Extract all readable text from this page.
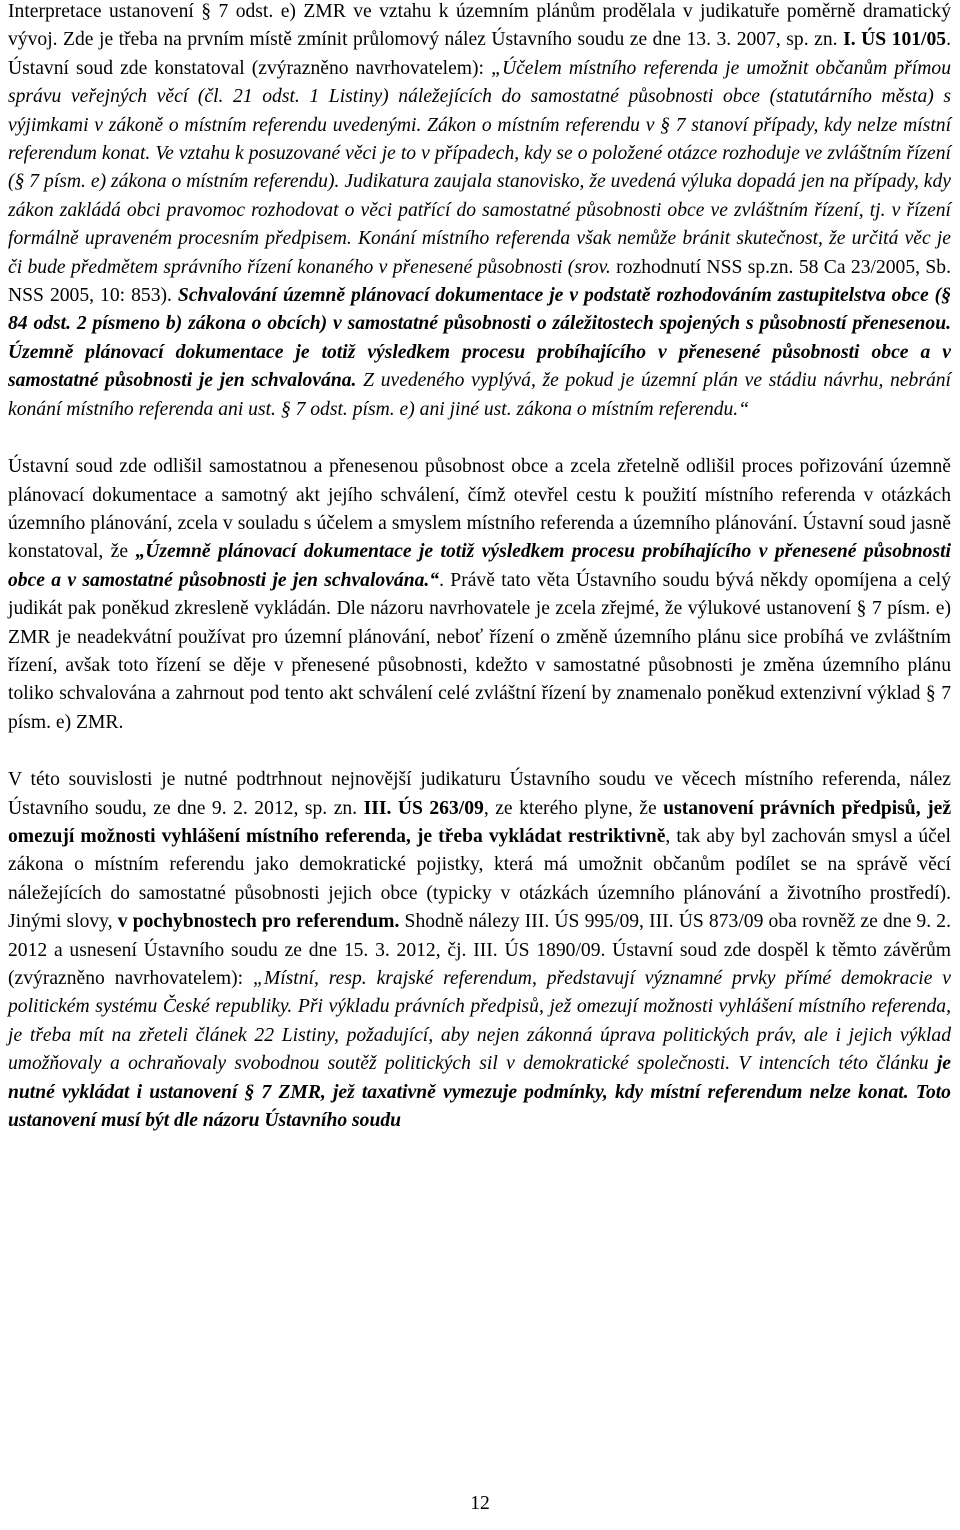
Interpretace ustanovení § 7 odst. e) ZMR ve vztahu k územním plánům prodělala v judikatuře poměrně dramatický vývoj. Zde je třeba na prvním místě zmínit průlomový nález Ústavního soudu ze dne 13. 3. 2007, sp. zn. I. ÚS 101/05. Ústavní soud zde konstatoval (zvýrazněno navrhovatelem): „Účelem místního referenda je umožnit občanům přímou správu veřejných věcí (čl. 21 odst. 1 Listiny) náležejících do samostatné působnosti obce (statutárního města) s výjimkami v zákoně o místním referendu uvedenými. Zákon o místním referendu v § 7 stanoví případy, kdy nelze místní referendum konat. Ve vztahu k posuzované věci je to v případech, kdy se o položené otázce rozhoduje ve zvláštním řízení (§ 7 písm. e) zákona o místním referendu). Judikatura zaujala stanovisko, že uvedená výluka dopadá jen na případy, kdy zákon zakládá obci pravomoc rozhodovat o věci patřící do samostatné působnosti obce ve zvláštním řízení, tj. v řízení formálně upraveném procesním předpisem. Konání místního referenda však nemůže bránit skutečnost, že určitá věc je či bude předmětem správního řízení konaného v přenesené působnosti (srov. rozhodnutí NSS sp.zn. 58 Ca 23/2005, Sb. NSS 2005, 10: 853). Schvalování územně plánovací dokumentace je v podstatě rozhodováním zastupitelstva obce (§ 84 odst. 2 písmeno b) zákona o obcích) v samostatné působnosti o záležitostech spojených s působností přenesenou. Územně plánovací dokumentace je totiž výsledkem procesu probíhajícího v přenesené působnosti obce a v samostatné působnosti je jen schvalována. Z uvedeného vyplývá, že pokud je územní plán ve stádiu návrhu, nebrání konání místního referenda ani ust. § 7 odst. písm. e) ani jiné ust. zákona o místním referendu.“

Ústavní soud zde odlišil samostatnou a přenesenou působnost obce a zcela zřetelně odlišil proces pořizování územně plánovací dokumentace a samotný akt jejího schválení, čímž otevřel cestu k použití místního referenda v otázkách územního plánování, zcela v souladu s účelem a smyslem místního referenda a územního plánování. Ústavní soud jasně konstatoval, že „Územně plánovací dokumentace je totiž výsledkem procesu probíhajícího v přenesené působnosti obce a v samostatné působnosti je jen schvalována.“. Právě tato věta Ústavního soudu bývá někdy opomíjena a celý judikát pak poněkud zkresleně vykládán. Dle názoru navrhovatele je zcela zřejmé, že výlukové ustanovení § 7 písm. e) ZMR je neadekvátní používat pro územní plánování, neboť řízení o změně územního plánu sice probíhá ve zvláštním řízení, avšak toto řízení se děje v přenesené působnosti, kdežto v samostatné působnosti je změna územního plánu toliko schvalována a zahrnout pod tento akt schválení celé zvláštní řízení by znamenalo poněkud extenzivní výklad § 7 písm. e) ZMR.

V této souvislosti je nutné podtrhnout nejnovější judikaturu Ústavního soudu ve věcech místního referenda, nález Ústavního soudu, ze dne 9. 2. 2012, sp. zn. III. ÚS 263/09, ze kterého plyne, že ustanovení právních předpisů, jež omezují možnosti vyhlášení místního referenda, je třeba vykládat restriktivně, tak aby byl zachován smysl a účel zákona o místním referendu jako demokratické pojistky, která má umožnit občanům podílet se na správě věcí náležejících do samostatné působnosti jejich obce (typicky v otázkách územního plánování a životního prostředí). Jinými slovy, v pochybnostech pro referendum. Shodně nálezy III. ÚS 995/09, III. ÚS 873/09 oba rovněž ze dne 9. 2. 2012 a usnesení Ústavního soudu ze dne 15. 3. 2012, čj. III. ÚS 1890/09. Ústavní soud zde dospěl k těmto závěrům (zvýrazněno navrhovatelem): „Místní, resp. krajské referendum, představují významné prvky přímé demokracie v politickém systému České republiky. Při výkladu právních předpisů, jež omezují možnosti vyhlášení místního referenda, je třeba mít na zřeteli článek 22 Listiny, požadující, aby nejen zákonná úprava politických práv, ale i jejich výklad umožňovaly a ochraňovaly svobodnou soutěž politických sil v demokratické společnosti. V intencích této článku je nutné vykládat i ustanovení § 7 ZMR, jež taxativně vymezuje podmínky, kdy místní referendum nelze konat. Toto ustanovení musí být dle názoru Ústavního soudu

12
